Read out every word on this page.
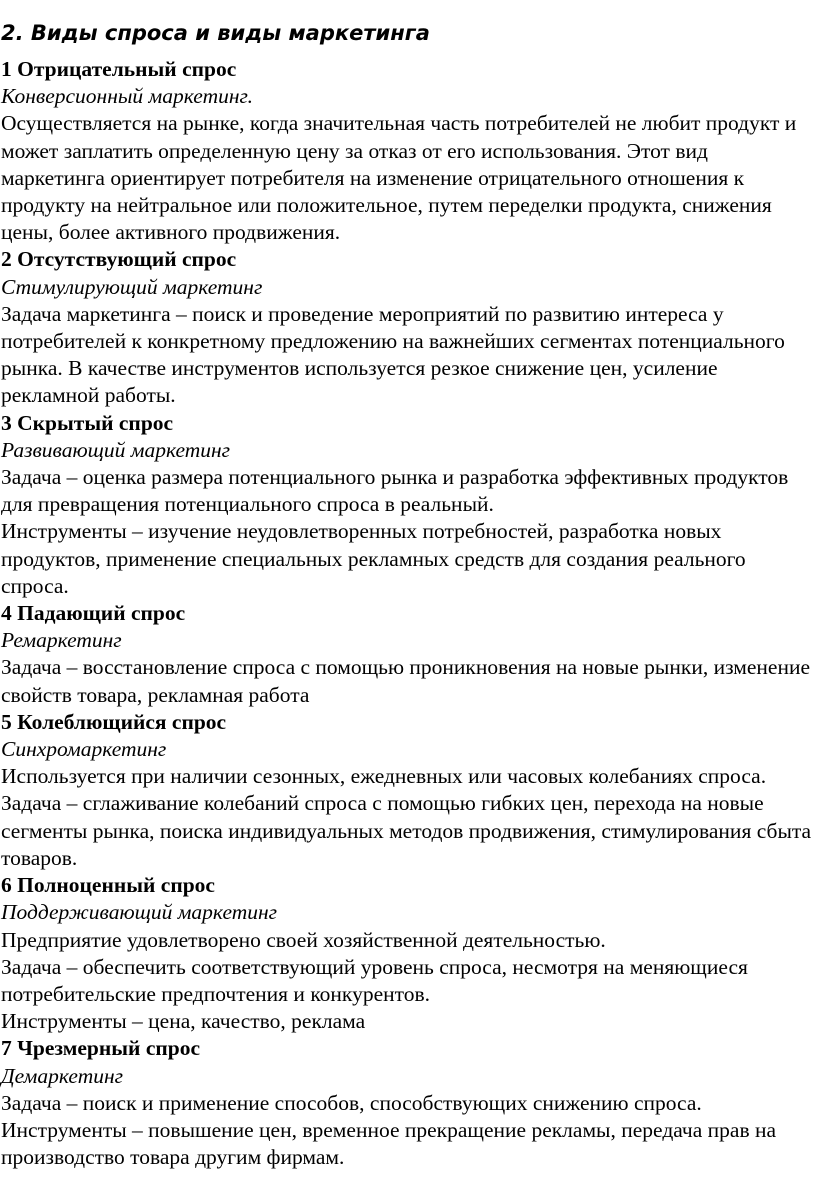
2. Виды спроса и виды маркетинга
1 Отрицательный спрос
Конверсионный маркетинг.

Осуществляется на рынке, когда значительная часть потребителей не любит продукт и может заплатить определенную цену за отказ от его использования. Этот вид маркетинга ориентирует потребителя на изменение отрицательного отношения к продукту на нейтральное или положительное, путем переделки продукта, снижения цены, более активного продвижения.

2 Отсутствующий спрос
Стимулирующий маркетинг

Задача маркетинга – поиск и проведение мероприятий по развитию интереса у потребителей к конкретному предложению на важнейших сегментах потенциального рынка. В качестве инструментов используется резкое снижение цен, усиление рекламной работы.

3 Скрытый спрос
Развивающий маркетинг

Задача – оценка размера потенциального рынка и разработка эффективных продуктов для превращения потенциального спроса в реальный.

Инструменты – изучение неудовлетворенных потребностей, разработка новых продуктов, применение специальных рекламных средств для создания реального спроса.

4 Падающий спрос
Ремаркетинг

Задача – восстановление спроса с помощью проникновения на новые рынки, изменение свойств товара, рекламная работа

5 Колеблющийся спрос
Синхромаркетинг

Используется при наличии сезонных, ежедневных или часовых колебаниях спроса.

Задача – сглаживание колебаний спроса с помощью гибких цен, перехода на новые сегменты рынка, поиска индивидуальных методов продвижения, стимулирования сбыта товаров.

6 Полноценный спрос
Поддерживающий маркетинг

Предприятие удовлетворено своей хозяйственной деятельностью.

Задача – обеспечить соответствующий уровень спроса, несмотря на меняющиеся потребительские предпочтения и конкурентов.

Инструменты – цена, качество, реклама

7 Чрезмерный спрос
Демаркетинг

Задача – поиск и применение способов, способствующих снижению спроса.

Инструменты – повышение цен, временное прекращение рекламы, передача прав на производство товара другим фирмам.
